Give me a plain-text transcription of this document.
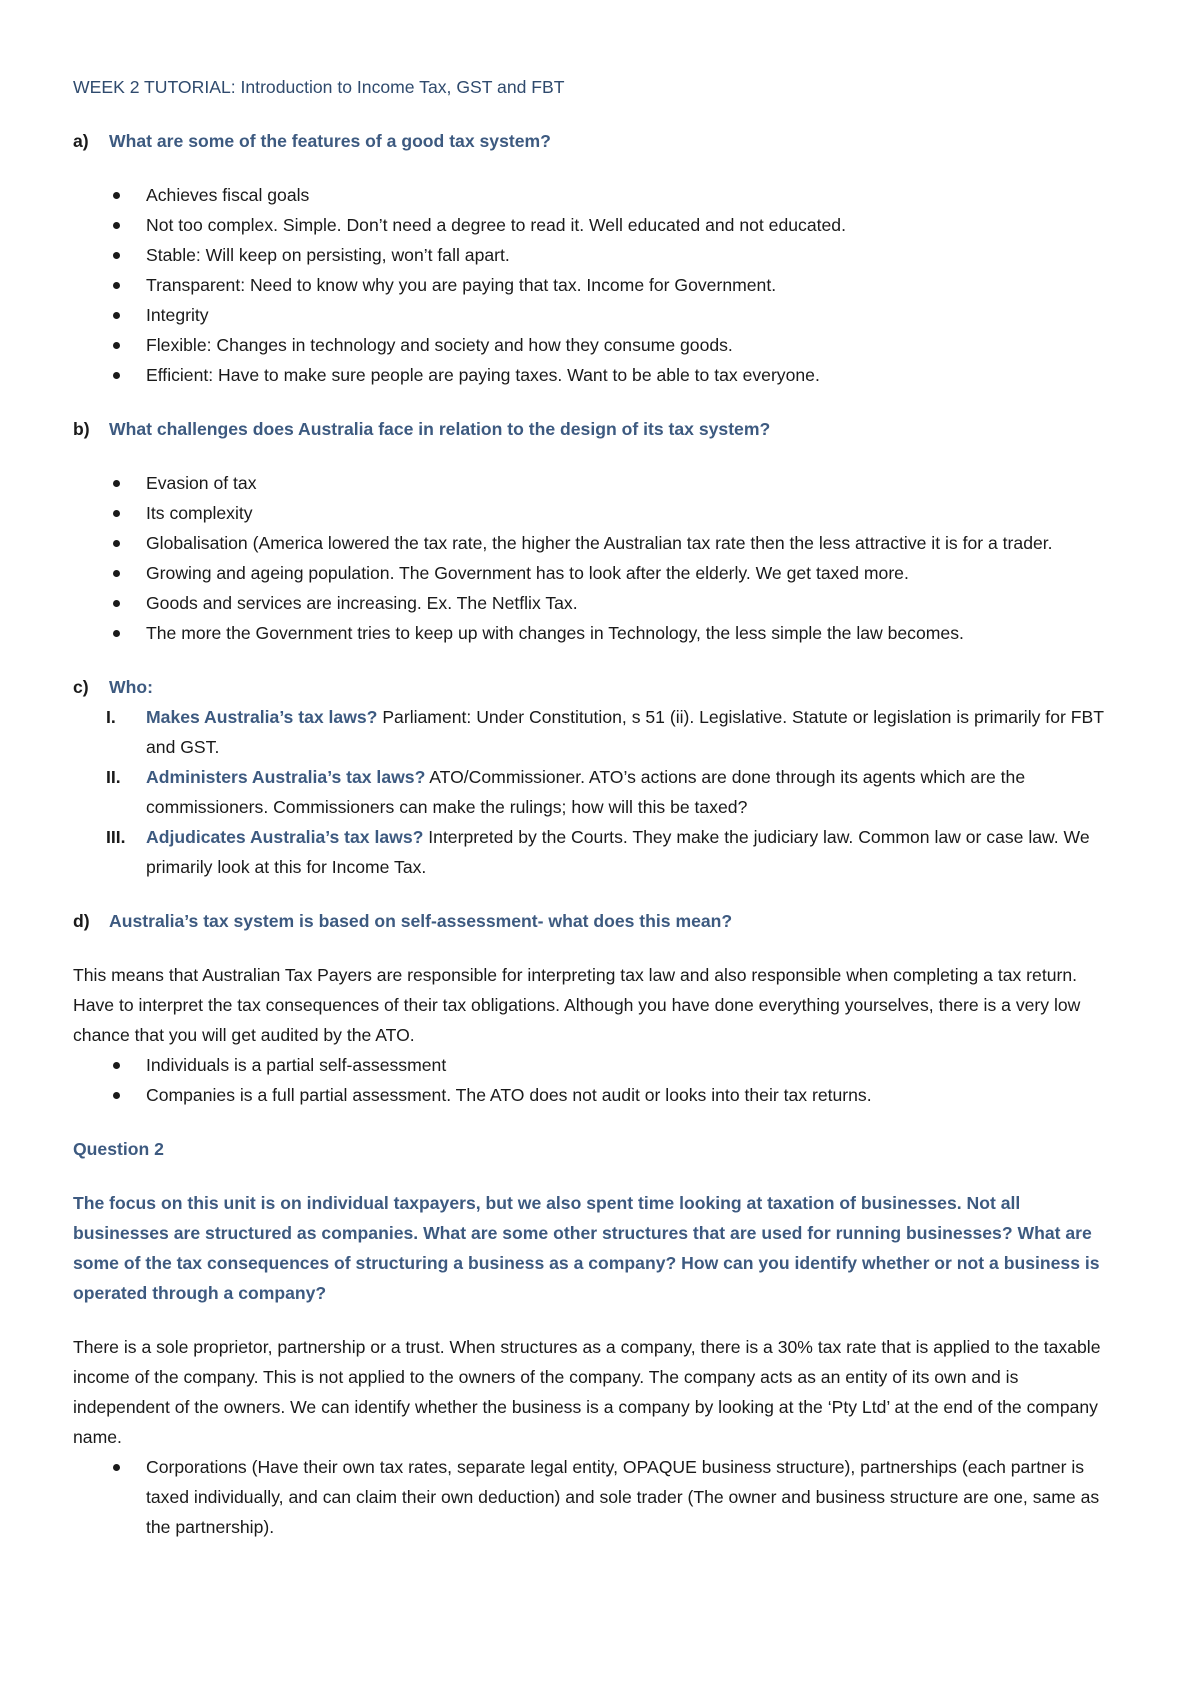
WEEK 2 TUTORIAL: Introduction to Income Tax, GST and FBT
a)	What are some of the features of a good tax system?
Achieves fiscal goals
Not too complex. Simple. Don’t need a degree to read it. Well educated and not educated.
Stable: Will keep on persisting, won’t fall apart.
Transparent: Need to know why you are paying that tax. Income for Government.
Integrity
Flexible: Changes in technology and society and how they consume goods.
Efficient: Have to make sure people are paying taxes. Want to be able to tax everyone.
b)	What challenges does Australia face in relation to the design of its tax system?
Evasion of tax
Its complexity
Globalisation (America lowered the tax rate, the higher the Australian tax rate then the less attractive it is for a trader.
Growing and ageing population. The Government has to look after the elderly. We get taxed more.
Goods and services are increasing. Ex. The Netflix Tax.
The more the Government tries to keep up with changes in Technology, the less simple the law becomes.
c)	Who:
I.	Makes Australia’s tax laws? Parliament: Under Constitution, s 51 (ii). Legislative. Statute or legislation is primarily for FBT and GST.
II.	Administers Australia’s tax laws? ATO/Commissioner. ATO’s actions are done through its agents which are the commissioners. Commissioners can make the rulings; how will this be taxed?
III.	Adjudicates Australia’s tax laws? Interpreted by the Courts. They make the judiciary law. Common law or case law. We primarily look at this for Income Tax.
d)	Australia’s tax system is based on self-assessment- what does this mean?

This means that Australian Tax Payers are responsible for interpreting tax law and also responsible when completing a tax return. Have to interpret the tax consequences of their tax obligations. Although you have done everything yourselves, there is a very low chance that you will get audited by the ATO.

Individuals is a partial self-assessment
Companies is a full partial assessment. The ATO does not audit or looks into their tax returns.
Question 2

The focus on this unit is on individual taxpayers, but we also spent time looking at taxation of businesses. Not all businesses are structured as companies. What are some other structures that are used for running businesses? What are some of the tax consequences of structuring a business as a company? How can you identify whether or not a business is operated through a company?

There is a sole proprietor, partnership or a trust. When structures as a company, there is a 30% tax rate that is applied to the taxable income of the company. This is not applied to the owners of the company. The company acts as an entity of its own and is independent of the owners. We can identify whether the business is a company by looking at the ‘Pty Ltd’ at the end of the company name.

Corporations (Have their own tax rates, separate legal entity, OPAQUE business structure), partnerships (each partner is taxed individually, and can claim their own deduction) and sole trader (The owner and business structure are one, same as the partnership).
